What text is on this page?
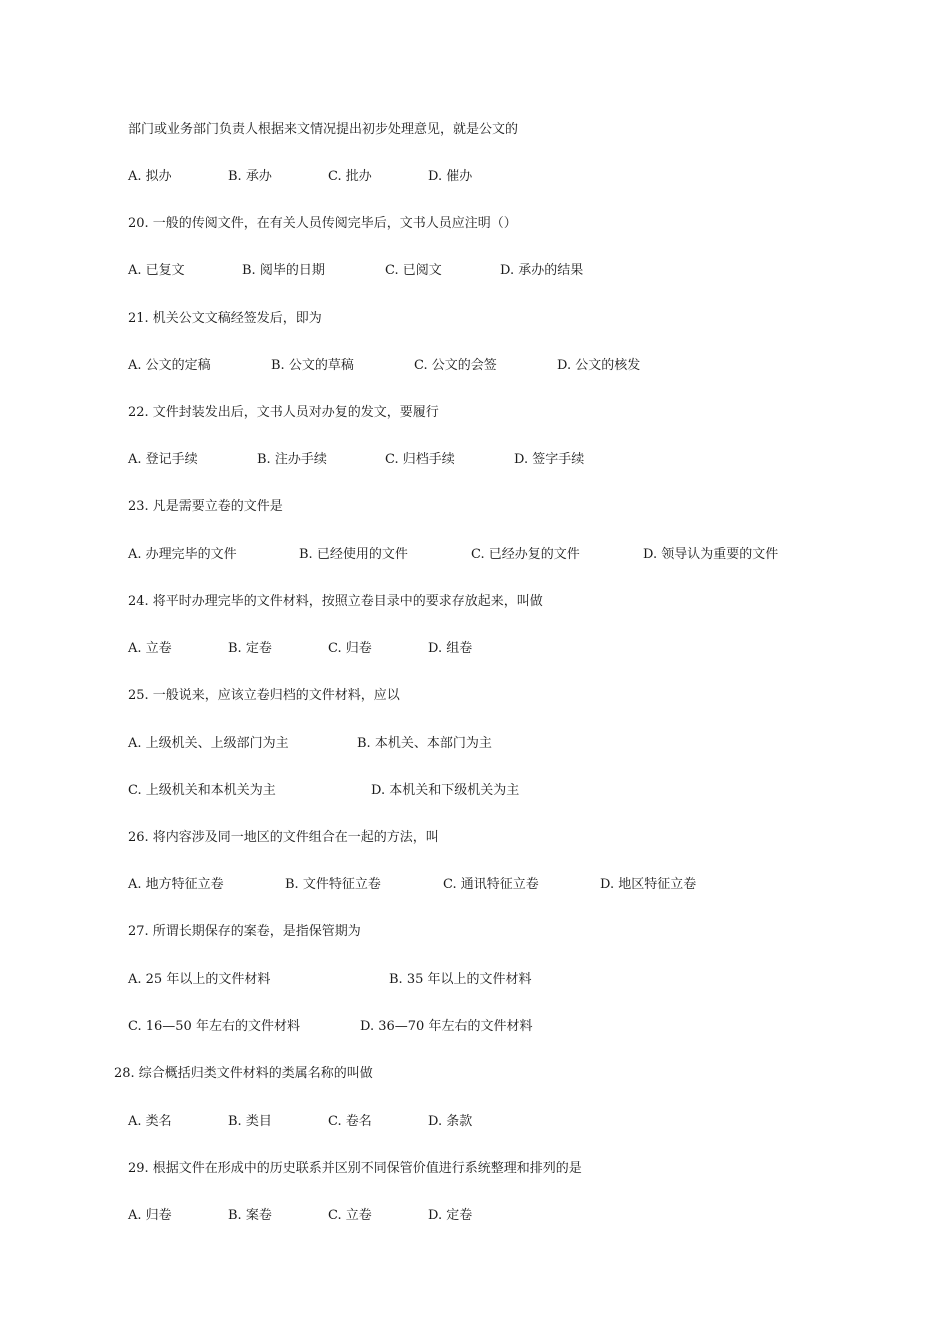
部门或业务部门负责人根据来文情况提出初步处理意见，就是公文的
A. 拟办	B. 承办	C. 批办	D. 催办
20. 一般的传阅文件，在有关人员传阅完毕后，文书人员应注明（）
A. 已复文	B. 阅毕的日期	C. 已阅文	D. 承办的结果
21. 机关公文文稿经签发后，即为
A. 公文的定稿	B. 公文的草稿	C. 公文的会签	D. 公文的核发
22. 文件封装发出后，文书人员对办复的发文，要履行
A. 登记手续	B. 注办手续	C. 归档手续	D. 签字手续
23. 凡是需要立卷的文件是
A. 办理完毕的文件	B. 已经使用的文件	C. 已经办复的文件	D. 领导认为重要的文件
24. 将平时办理完毕的文件材料，按照立卷目录中的要求存放起来，叫做
A. 立卷	B. 定卷	C. 归卷	D. 组卷
25. 一般说来，应该立卷归档的文件材料，应以
A. 上级机关、上级部门为主	B. 本机关、本部门为主
C. 上级机关和本机关为主	D. 本机关和下级机关为主
26. 将内容涉及同一地区的文件组合在一起的方法，叫
A. 地方特征立卷	B. 文件特征立卷	C. 通讯特征立卷	D. 地区特征立卷
27. 所谓长期保存的案卷，是指保管期为
A. 25 年以上的文件材料	B. 35 年以上的文件材料
C. 16—50 年左右的文件材料	D. 36—70 年左右的文件材料
28. 综合概括归类文件材料的类属名称的叫做
A. 类名	B. 类目	C. 卷名	D. 条款
29. 根据文件在形成中的历史联系并区别不同保管价值进行系统整理和排列的是
A. 归卷	B. 案卷	C. 立卷	D. 定卷
